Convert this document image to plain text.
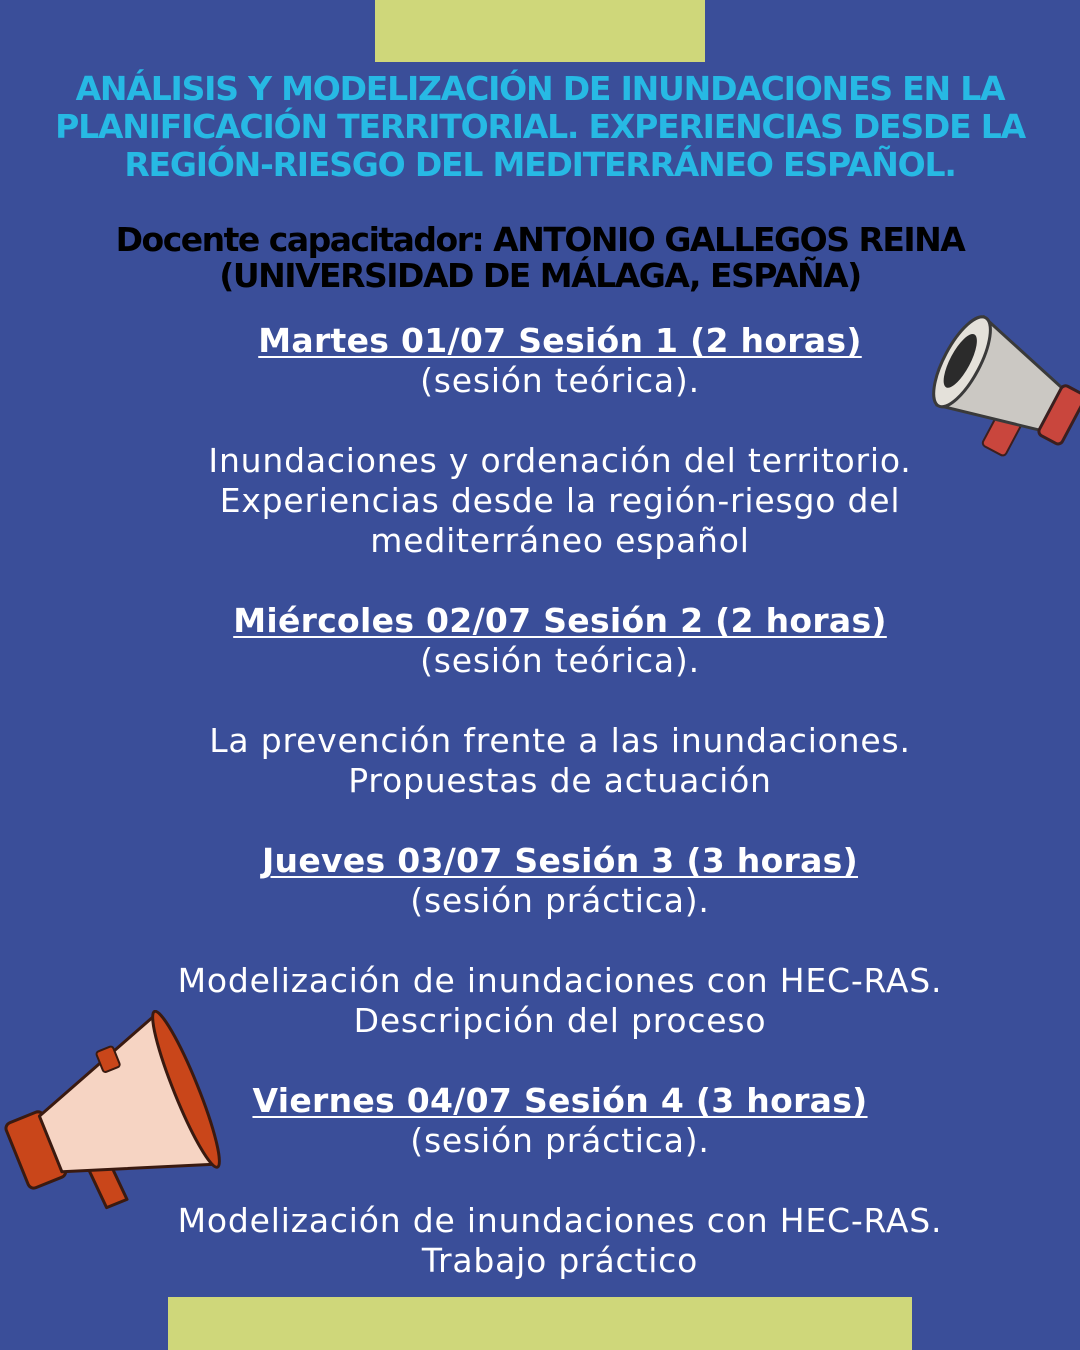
ANÁLISIS Y MODELIZACIÓN DE INUNDACIONES EN LA PLANIFICACIÓN TERRITORIAL. EXPERIENCIAS DESDE LA REGIÓN-RIESGO DEL MEDITERRÁNEO ESPAÑOL.
Docente capacitador: ANTONIO GALLEGOS REINA (UNIVERSIDAD DE MÁLAGA, ESPAÑA)
Martes 01/07 Sesión 1 (2 horas)
(sesión teórica).
Inundaciones y ordenación del territorio. Experiencias desde la región-riesgo del mediterráneo español
Miércoles 02/07 Sesión 2 (2 horas)
(sesión teórica).
La prevención frente a las inundaciones. Propuestas de actuación
Jueves 03/07 Sesión 3 (3 horas)
(sesión práctica).
Modelización de inundaciones con HEC-RAS. Descripción del proceso
Viernes 04/07 Sesión 4 (3 horas)
(sesión práctica).
Modelización de inundaciones con HEC-RAS. Trabajo práctico
